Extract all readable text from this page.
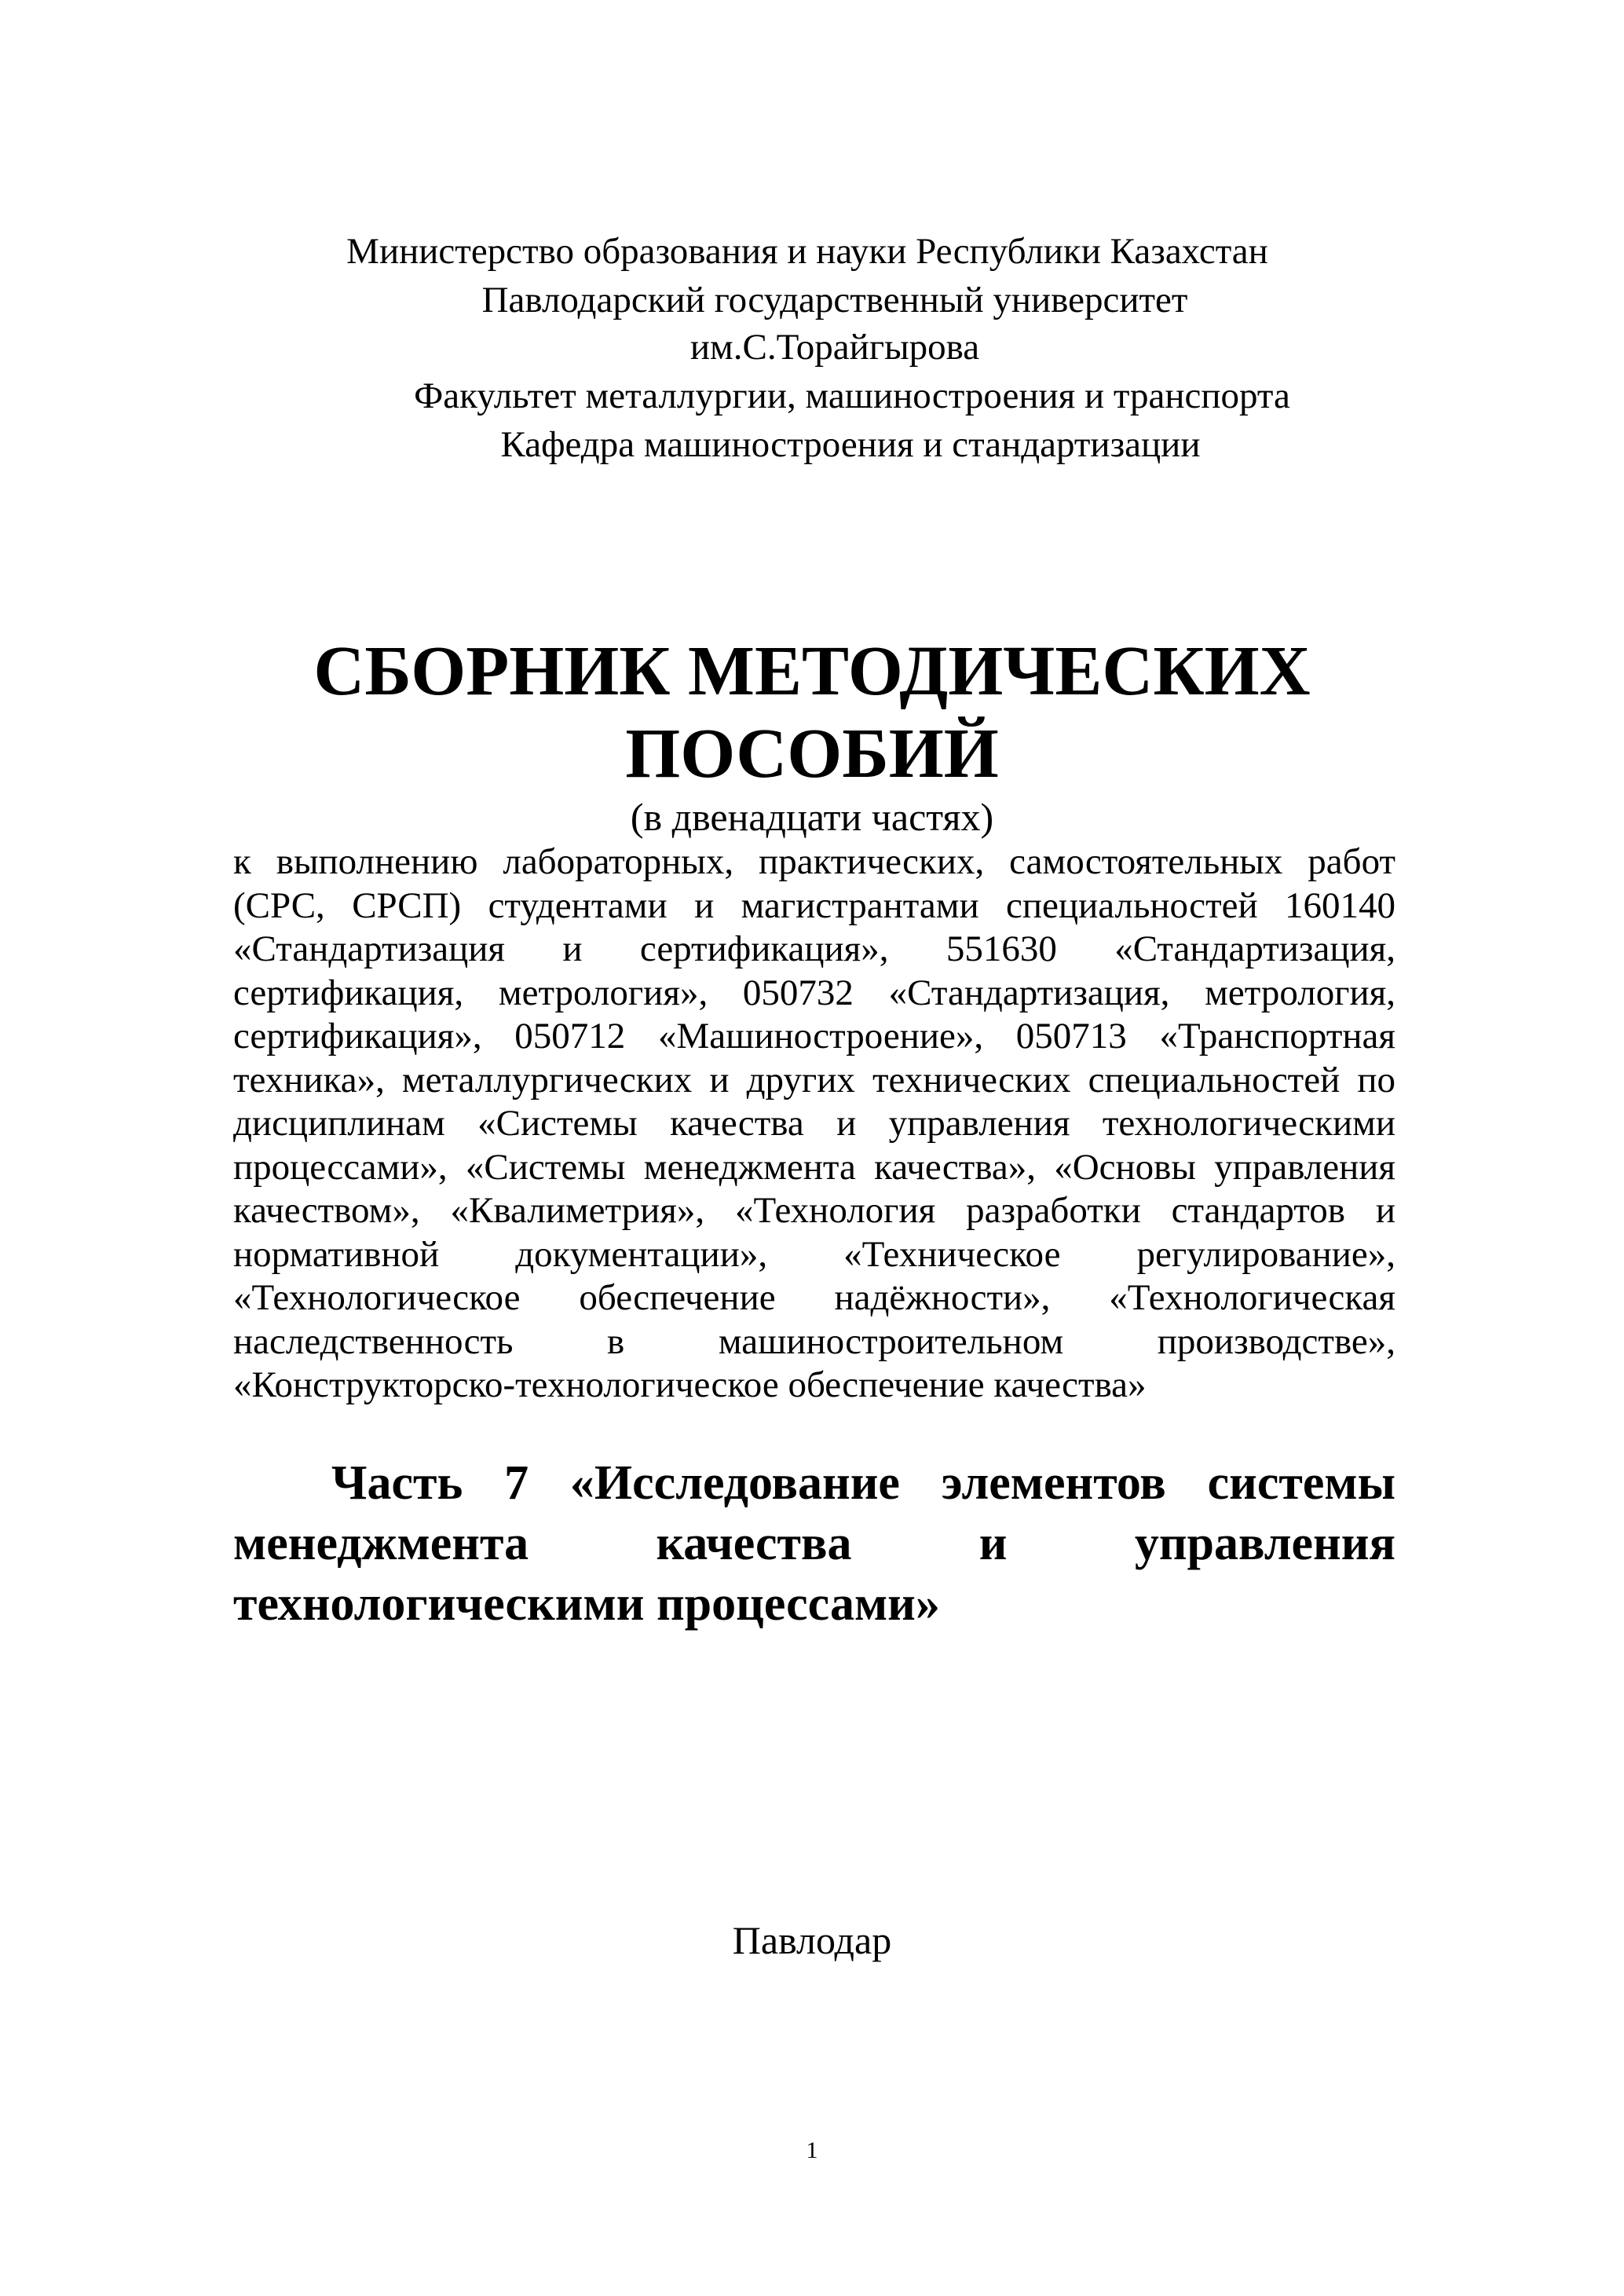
Министерство образования и науки Республики Казахстан
Павлодарский государственный университет
им.С.Торайгырова
Факультет металлургии, машиностроения и транспорта
Кафедра машиностроения и стандартизации
СБОРНИК МЕТОДИЧЕСКИХ
ПОСОБИЙ
(в двенадцати частях)
к выполнению лабораторных, практических, самостоятельных работ (СРС, СРСП) студентами и магистрантами специальностей 160140 «Стандартизация и сертификация», 551630 «Стандартизация, сертификация, метрология», 050732 «Стандартизация, метрология, сертификация», 050712 «Машиностроение», 050713 «Транспортная техника», металлургических и других технических специальностей по дисциплинам «Системы качества и управления технологическими процессами», «Системы менеджмента качества», «Основы управления качеством», «Квалиметрия», «Технология разработки стандартов и нормативной документации», «Техническое регулирование», «Технологическое обеспечение надёжности», «Технологическая наследственность в машиностроительном производстве», «Конструкторско-технологическое обеспечение качества»
Часть 7 «Исследование элементов системы менеджмента качества и управления технологическими процессами»
Павлодар
1
